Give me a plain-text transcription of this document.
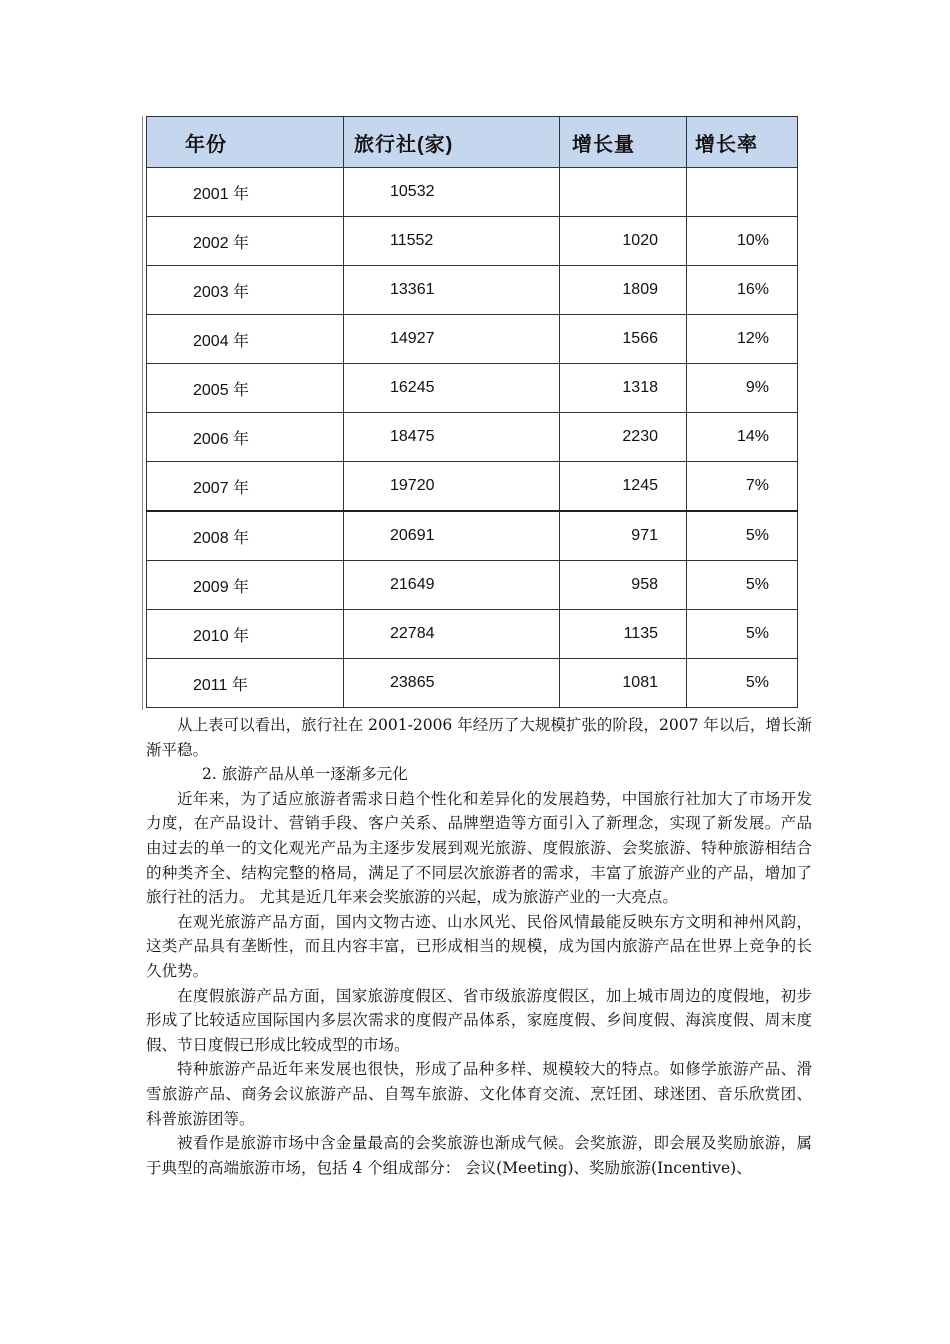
年份	旅行社(家)	增长量	增长率
2001 年	10532		
2002 年	11552	1020	10%
2003 年	13361	1809	16%
2004 年	14927	1566	12%
2005 年	16245	1318	9%
2006 年	18475	2230	14%
2007 年	19720	1245	7%
2008 年	20691	971	5%
2009 年	21649	958	5%
2010 年	22784	1135	5%
2011 年	23865	1081	5%

从上表可以看出，旅行社在 2001-2006 年经历了大规模扩张的阶段，2007 年以后，增长渐渐平稳。

2. 旅游产品从单一逐渐多元化

近年来，为了适应旅游者需求日趋个性化和差异化的发展趋势，中国旅行社加大了市场开发力度，在产品设计、营销手段、客户关系、品牌塑造等方面引入了新理念，实现了新发展。产品由过去的单一的文化观光产品为主逐步发展到观光旅游、度假旅游、会奖旅游、特种旅游相结合的种类齐全、结构完整的格局，满足了不同层次旅游者的需求，丰富了旅游产业的产品，增加了旅行社的活力。 尤其是近几年来会奖旅游的兴起，成为旅游产业的一大亮点。

在观光旅游产品方面，国内文物古迹、山水风光、民俗风情最能反映东方文明和神州风韵，这类产品具有垄断性，而且内容丰富，已形成相当的规模，成为国内旅游产品在世界上竞争的长久优势。

在度假旅游产品方面，国家旅游度假区、省市级旅游度假区，加上城市周边的度假地，初步形成了比较适应国际国内多层次需求的度假产品体系，家庭度假、乡间度假、海滨度假、周末度假、节日度假已形成比较成型的市场。

特种旅游产品近年来发展也很快，形成了品种多样、规模较大的特点。如修学旅游产品、滑雪旅游产品、商务会议旅游产品、自驾车旅游、文化体育交流、烹饪团、球迷团、音乐欣赏团、科普旅游团等。

被看作是旅游市场中含金量最高的会奖旅游也渐成气候。会奖旅游，即会展及奖励旅游，属于典型的高端旅游市场，包括 4 个组成部分： 会议(Meeting)、奖励旅游(Incentive)、
